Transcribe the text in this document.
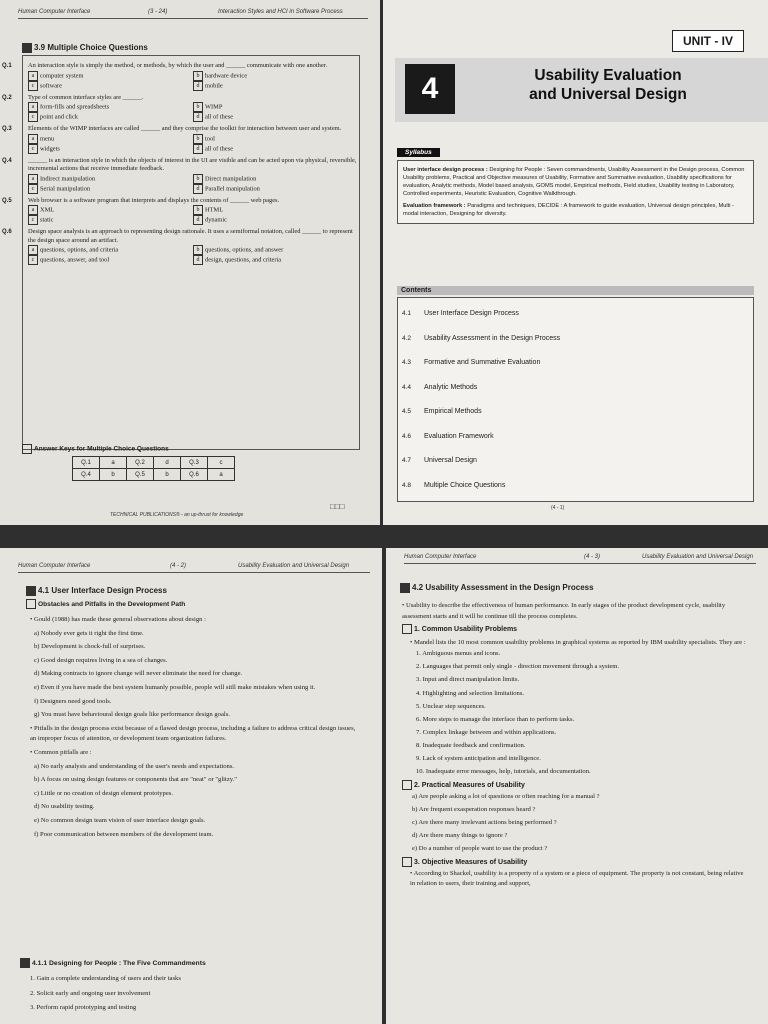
Human Computer Interface	(3 - 24)	Interaction Styles and HCI in Software Process
3.9 Multiple Choice Questions
Q.1	An interaction style is simply the method, or methods, by which the user and ______ communicate with one another.
a computer system	b hardware device
c software	d mobile
Q.2	Type of common interface styles are ______.
a form-fills and spreadsheets	b WIMP
c point and click	d all of these
Q.3	Elements of the WIMP interfaces are called ______ and they comprise the toolkit for interaction between user and system.
a menu	b tool
c widgets	d all of these
Q.4	______ is an interaction style in which the objects of interest in the UI are visible and can be acted upon via physical, reversible, incremental actions that receive immediate feedback.
a Indirect manipulation	b Direct manipulation
c Serial manipulation	d Parallel manipulation
Q.5	Web browser is a software program that interprets and displays the contents of ______ web pages.
a XML	b HTML
c static	d dynamic
Q.6	Design space analysis is an approach to representing design rationale. It uses a semiformal notation, called ______ to represent the design space around an artifact.
a questions, options, and criteria	b questions, options, and answer
c questions, answer, and tool	d design, questions, and criteria
Answer Keys for Multiple Choice Questions
Q.1	a	Q.2	d	Q.3	c
Q.4	b	Q.5	b	Q.6	a
TECHNICAL PUBLICATIONS® - an up-thrust for knowledge
□□□
UNIT - IV
4	Usability Evaluation
and Universal Design
Syllabus
User interface design process : Designing for People : Seven commandments, Usability Assessment in the Design process, Common Usability problems, Practical and Objective measures of Usability, Formative and Summative evaluation, Usability specifications for evaluation, Analytic methods, Model based analysis, GOMS model, Empirical methods, Field studies, Usability testing in Laboratory, Controlled experiments, Heuristic Evaluation, Cognitive Walkthrough.
Evaluation framework : Paradigms and techniques, DECIDE : A framework to guide evaluation, Universal design principles, Multi - modal interaction, Designing for diversity.
Contents
4.1 User Interface Design Process
4.2 Usability Assessment in the Design Process
4.3 Formative and Summative Evaluation
4.4 Analytic Methods
4.5 Empirical Methods
4.6 Evaluation Framework
4.7 Universal Design
4.8 Multiple Choice Questions
(4 - 1)
Human Computer Interface	(4 - 2)	Usability Evaluation and Universal Design
4.1 User Interface Design Process
Obstacles and Pitfalls in the Development Path

• Gould (1988) has made these general observations about design :

a) Nobody ever gets it right the first time.

b) Development is chock-full of surprises.

c) Good design requires living in a sea of changes.

d) Making contracts to ignore change will never eliminate the need for change.

e) Even if you have made the best system humanly possible, people will still make mistakes when using it.

f) Designers need good tools.

g) You must have behavioural design goals like performance design goals.

• Pitfalls in the design process exist because of a flawed design process, including a failure to address critical design issues, an improper focus of attention, or development team organization failures.

• Common pitfalls are :

a) No early analysis and understanding of the user's needs and expectations.

b) A focus on using design features or components that are "neat" or "glitzy."

c) Little or no creation of design element prototypes.

d) No usability testing.

e) No common design team vision of user interface design goals.

f) Poor communication between members of the development team.

4.1.1 Designing for People : The Five Commandments

1. Gain a complete understanding of users and their tasks

2. Solicit early and ongoing user involvement

3. Perform rapid prototyping and testing

Human Computer Interface	(4 - 3)	Usability Evaluation and Universal Design
4.2 Usability Assessment in the Design Process

• Usability to describe the effectiveness of human performance. In early stages of the product development cycle, usability assessment starts and it will be continue till the process completes.

1. Common Usability Problems

• Mandel lists the 10 most common usability problems in graphical systems as reported by IBM usability specialists. They are :

1. Ambiguous menus and icons.

2. Languages that permit only single - direction movement through a system.

3. Input and direct manipulation limits.

4. Highlighting and selection limitations.

5. Unclear step sequences.

6. More steps to manage the interface than to perform tasks.

7. Complex linkage between and within applications.

8. Inadequate feedback and confirmation.

9. Lack of system anticipation and intelligence.

10. Inadequate error messages, help, tutorials, and documentation.

2. Practical Measures of Usability

a) Are people asking a lot of questions or often reaching for a manual ?

b) Are frequent exasperation responses heard ?

c) Are there many irrelevant actions being performed ?

d) Are there many things to ignore ?

e) Do a number of people want to use the product ?

3. Objective Measures of Usability

• According to Shackel, usability is a property of a system or a piece of equipment. The property is not constant, being relative in relation to users, their training and support,
